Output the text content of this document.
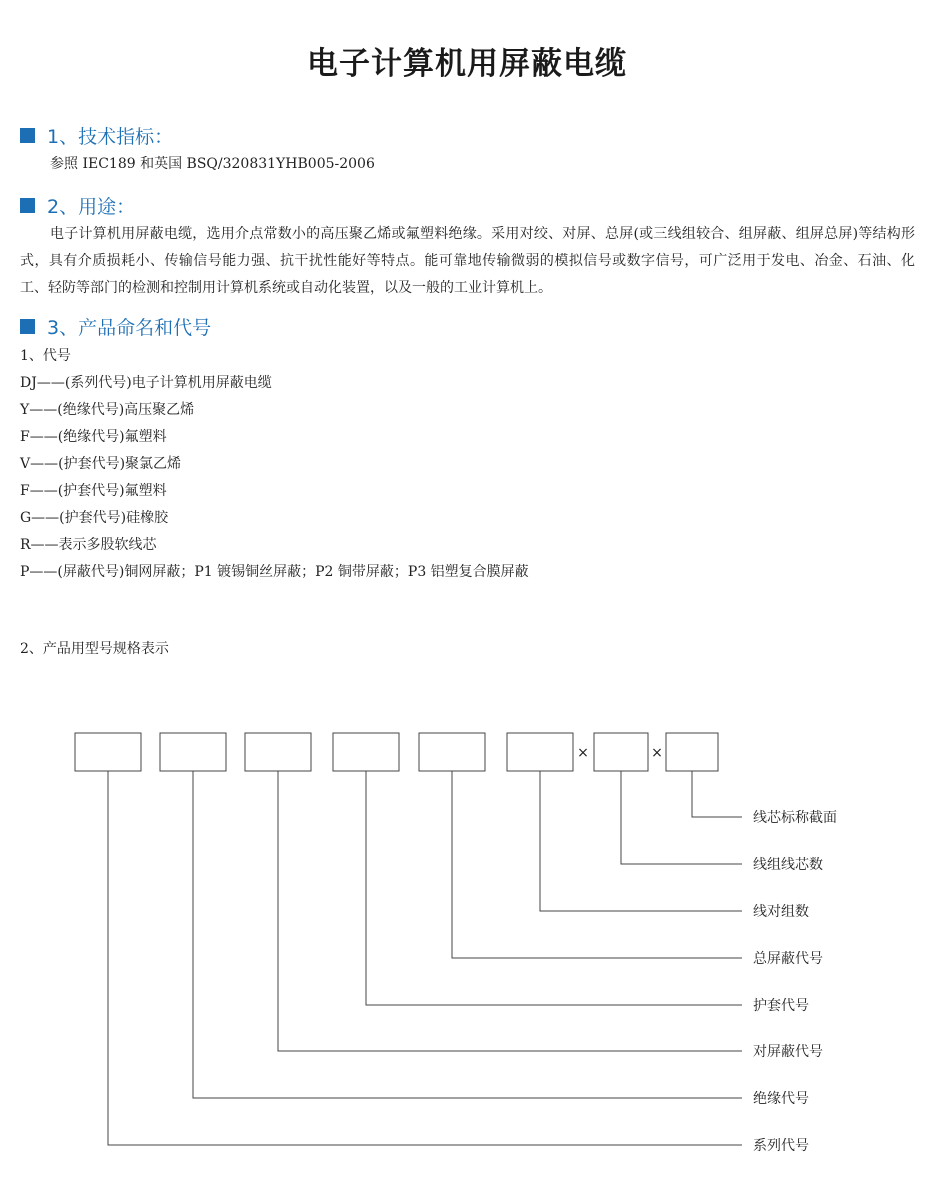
电子计算机用屏蔽电缆
1、技术指标：
参照 IEC189 和英国 BSQ/320831YHB005-2006
2、用途：
电子计算机用屏蔽电缆，选用介点常数小的高压聚乙烯或氟塑料绝缘。采用对绞、对屏、总屏(或三线组较合、组屏蔽、组屏总屏)等结构形式，具有介质损耗小、传输信号能力强、抗干扰性能好等特点。能可靠地传输微弱的模拟信号或数字信号，可广泛用于发电、冶金、石油、化工、轻防等部门的检测和控制用计算机系统或自动化装置，以及一般的工业计算机上。
3、产品命名和代号
1、代号
DJ——(系列代号)电子计算机用屏蔽电缆
Y——(绝缘代号)高压聚乙烯
F——(绝缘代号)氟塑料
V——(护套代号)聚氯乙烯
F——(护套代号)氟塑料
G——(护套代号)硅橡胶
R——表示多股软线芯
P——(屏蔽代号)铜网屏蔽；P1 镀锡铜丝屏蔽；P2 铜带屏蔽；P3 铝塑复合膜屏蔽
2、产品用型号规格表示
×	×
线芯标称截面
线组线芯数
线对组数
总屏蔽代号
护套代号
对屏蔽代号
绝缘代号
系列代号
